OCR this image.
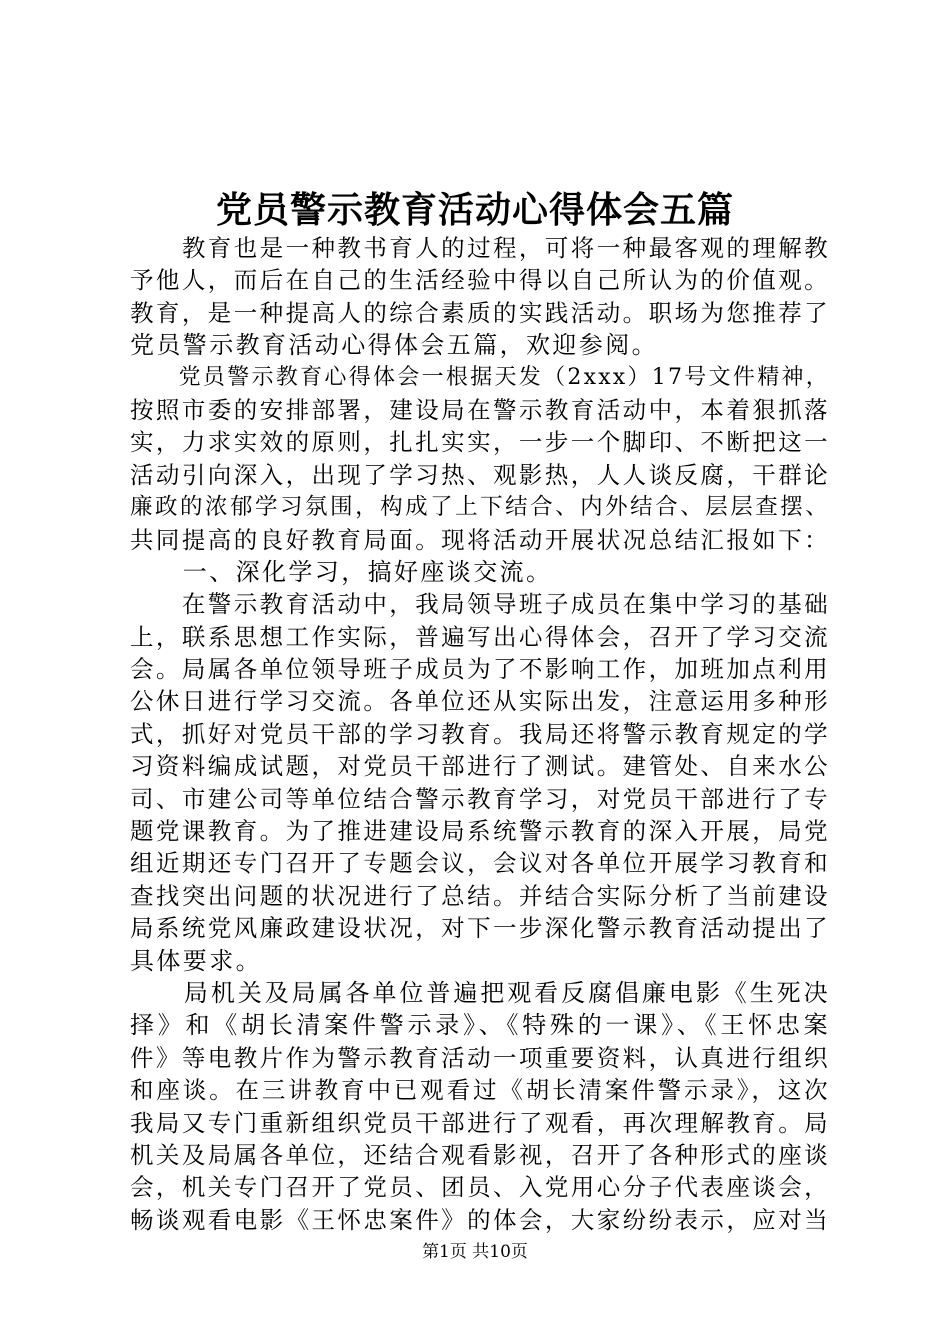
党员警示教育活动心得体会五篇
　　教育也是一种教书育人的过程，可将一种最客观的理解教
予他人，而后在自己的生活经验中得以自己所认为的价值观。
教育，是一种提高人的综合素质的实践活动。职场为您推荐了
党员警示教育活动心得体会五篇，欢迎参阅。
　　党员警示教育心得体会一根据天发（2xxx）17号文件精神，
按照市委的安排部署，建设局在警示教育活动中，本着狠抓落
实，力求实效的原则，扎扎实实，一步一个脚印、不断把这一
活动引向深入，出现了学习热、观影热，人人谈反腐，干群论
廉政的浓郁学习氛围，构成了上下结合、内外结合、层层查摆、
共同提高的良好教育局面。现将活动开展状况总结汇报如下：
　　一、深化学习，搞好座谈交流。
　　在警示教育活动中，我局领导班子成员在集中学习的基础
上，联系思想工作实际，普遍写出心得体会，召开了学习交流
会。局属各单位领导班子成员为了不影响工作，加班加点利用
公休日进行学习交流。各单位还从实际出发，注意运用多种形
式，抓好对党员干部的学习教育。我局还将警示教育规定的学
习资料编成试题，对党员干部进行了测试。建管处、自来水公
司、市建公司等单位结合警示教育学习，对党员干部进行了专
题党课教育。为了推进建设局系统警示教育的深入开展，局党
组近期还专门召开了专题会议，会议对各单位开展学习教育和
查找突出问题的状况进行了总结。并结合实际分析了当前建设
局系统党风廉政建设状况，对下一步深化警示教育活动提出了
具体要求。
　　局机关及局属各单位普遍把观看反腐倡廉电影《生死决
择》和《胡长清案件警示录》、《特殊的一课》、《王怀忠案
件》等电教片作为警示教育活动一项重要资料，认真进行组织
和座谈。在三讲教育中已观看过《胡长清案件警示录》，这次
我局又专门重新组织党员干部进行了观看，再次理解教育。局
机关及局属各单位，还结合观看影视，召开了各种形式的座谈
会，机关专门召开了党员、团员、入党用心分子代表座谈会，
畅谈观看电影《王怀忠案件》的体会，大家纷纷表示，应对当
第1页 共10页
